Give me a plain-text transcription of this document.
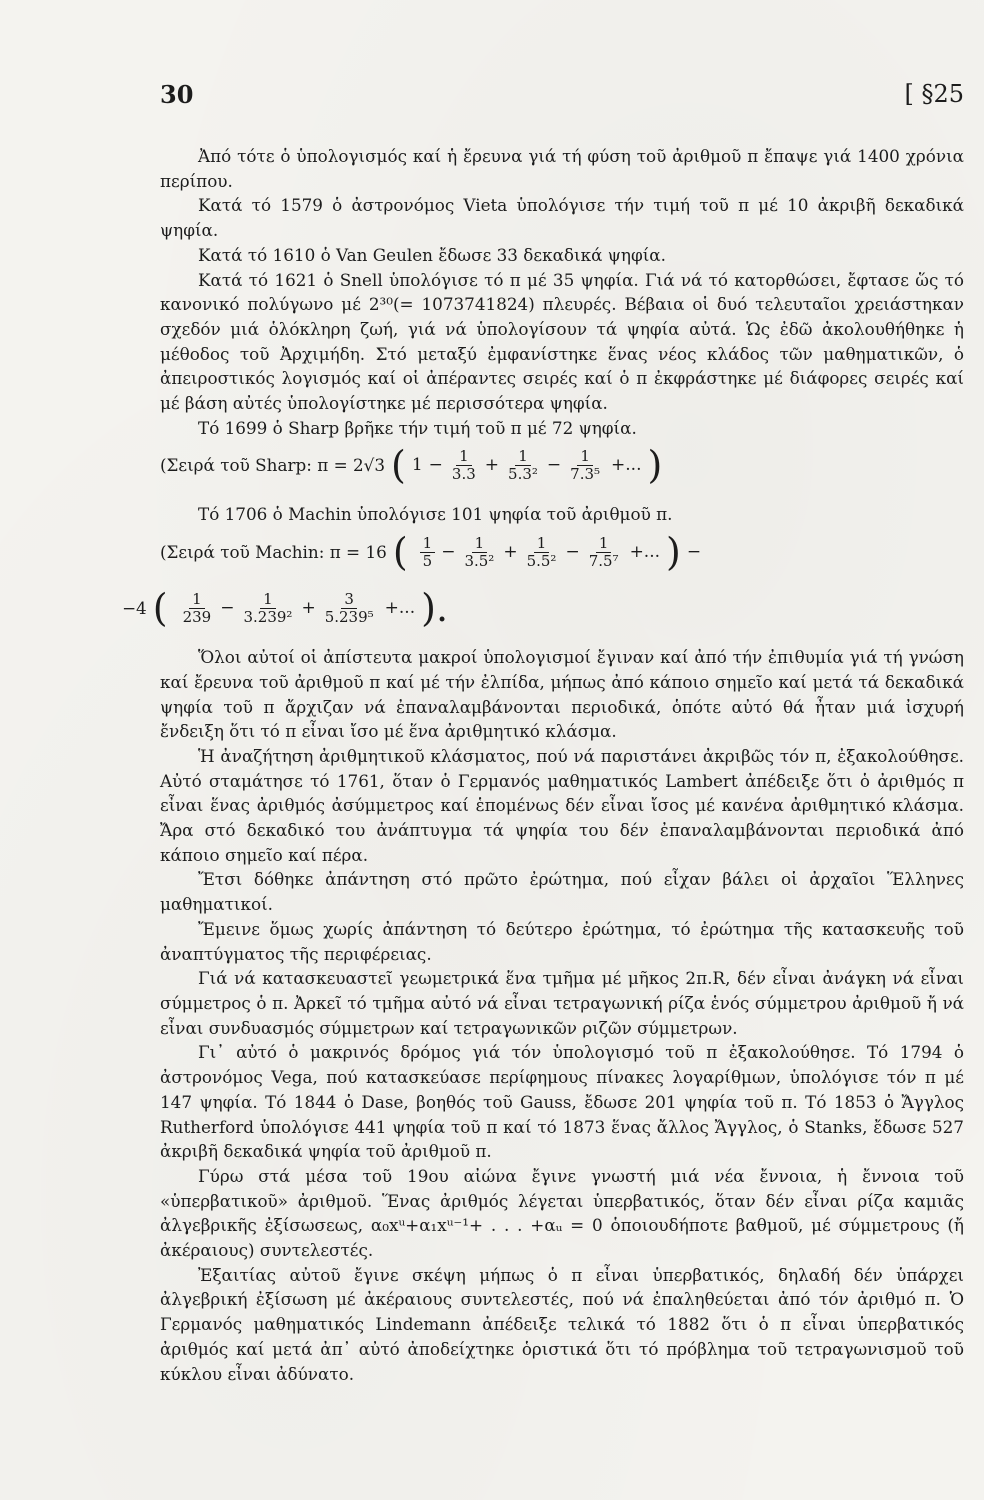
30	[ §25

Ἀπό τότε ὁ ὑπολογισμός καί ἡ ἔρευνα γιά τή φύση τοῦ ἀριθμοῦ π ἔπαψε γιά 1400 χρόνια περίπου.

Κατά τό 1579 ὁ ἀστρονόμος Vieta ὑπολόγισε τήν τιμή τοῦ π μέ 10 ἀκριβῆ δεκαδικά ψηφία.

Κατά τό 1610 ὁ Van Geulen ἔδωσε 33 δεκαδικά ψηφία.

Κατά τό 1621 ὁ Snell ὑπολόγισε τό π μέ 35 ψηφία. Γιά νά τό κατορθώσει, ἔφτασε ὥς τό κανονικό πολύγωνο μέ 2³⁰(= 1073741824) πλευρές. Βέβαια οἱ δυό τελευταῖοι χρειάστηκαν σχεδόν μιά ὁλόκληρη ζωή, γιά νά ὑπολογίσουν τά ψηφία αὐτά. Ὡς ἐδῶ ἀκολουθήθηκε ἡ μέθοδος τοῦ Ἀρχιμήδη. Στό μεταξύ ἐμφανίστηκε ἕνας νέος κλάδος τῶν μαθηματικῶν, ὁ ἀπειροστικός λογισμός καί οἱ ἀπέραντες σειρές καί ὁ π ἐκφράστηκε μέ διάφορες σειρές καί μέ βάση αὐτές ὑπολογίστηκε μέ περισσότερα ψηφία.

Τό 1699 ὁ Sharp βρῆκε τήν τιμή τοῦ π μέ 72 ψηφία.

(Σειρά τοῦ Sharp: π = 2√3 ( $1 - \frac{1}{3.3} + \frac{1}{\text{5.3²}} - \frac{1}{\text{7.3⁵}}$ +... )

Τό 1706 ὁ Machin ὑπολόγισε 101 ψηφία τοῦ ἀριθμοῦ π.

(Σειρά τοῦ Machin: π = 16 ( $\frac{1}{5} - \frac{1}{\text{3.5²}} + \frac{1}{\text{5.5²}} - \frac{1}{\text{7.5⁷}}$ +... ) −
−4 ( $\frac{1}{239} - \frac{1}{\text{3.239²}} + \frac{3}{\text{5.239⁵}}$ +... ).

Ὅλοι αὐτοί οἱ ἀπίστευτα μακροί ὑπολογισμοί ἔγιναν καί ἀπό τήν ἐπιθυμία γιά τή γνώση καί ἔρευνα τοῦ ἀριθμοῦ π καί μέ τήν ἐλπίδα, μήπως ἀπό κάποιο σημεῖο καί μετά τά δεκαδικά ψηφία τοῦ π ἄρχιζαν νά ἐπαναλαμβάνονται περιοδικά, ὁπότε αὐτό θά ἦταν μιά ἰσχυρή ἔνδειξη ὅτι τό π εἶναι ἴσο μέ ἕνα ἀριθμητικό κλάσμα.

Ἡ ἀναζήτηση ἀριθμητικοῦ κλάσματος, πού νά παριστάνει ἀκριβῶς τόν π, ἐξακολούθησε. Αὐτό σταμάτησε τό 1761, ὅταν ὁ Γερμανός μαθηματικός Lambert ἀπέδειξε ὅτι ὁ ἀριθμός π εἶναι ἕνας ἀριθμός ἀσύμμετρος καί ἑπομένως δέν εἶναι ἴσος μέ κανένα ἀριθμητικό κλάσμα. Ἄρα στό δεκαδικό του ἀνάπτυγμα τά ψηφία του δέν ἐπαναλαμβάνονται περιοδικά ἀπό κάποιο σημεῖο καί πέρα.

Ἔτσι δόθηκε ἀπάντηση στό πρῶτο ἐρώτημα, πού εἶχαν βάλει οἱ ἀρχαῖοι Ἕλληνες μαθηματικοί.

Ἔμεινε ὅμως χωρίς ἀπάντηση τό δεύτερο ἐρώτημα, τό ἐρώτημα τῆς κατασκευῆς τοῦ ἀναπτύγματος τῆς περιφέρειας.

Γιά νά κατασκευαστεῖ γεωμετρικά ἕνα τμῆμα μέ μῆκος 2π.R, δέν εἶναι ἀνάγκη νά εἶναι σύμμετρος ὁ π. Ἀρκεῖ τό τμῆμα αὐτό νά εἶναι τετραγωνική ρίζα ἑνός σύμμετρου ἀριθμοῦ ἤ νά εἶναι συνδυασμός σύμμετρων καί τετραγωνικῶν ριζῶν σύμμετρων.

Γι᾽ αὐτό ὁ μακρινός δρόμος γιά τόν ὑπολογισμό τοῦ π ἐξακολούθησε. Τό 1794 ὁ ἀστρονόμος Vega, πού κατασκεύασε περίφημους πίνακες λογαρίθμων, ὑπολόγισε τόν π μέ 147 ψηφία. Τό 1844 ὁ Dase, βοηθός τοῦ Gauss, ἔδωσε 201 ψηφία τοῦ π. Τό 1853 ὁ Ἄγγλος Rutherford ὑπολόγισε 441 ψηφία τοῦ π καί τό 1873 ἕνας ἄλλος Ἄγγλος, ὁ Stanks, ἔδωσε 527 ἀκριβῆ δεκαδικά ψηφία τοῦ ἀριθμοῦ π.

Γύρω στά μέσα τοῦ 19ου αἰώνα ἔγινε γνωστή μιά νέα ἔννοια, ἡ ἔννοια τοῦ «ὑπερβατικοῦ» ἀριθμοῦ. Ἕνας ἀριθμός λέγεται ὑπερβατικός, ὅταν δέν εἶναι ρίζα καμιᾶς ἀλγεβρικῆς ἐξίσωσεως, α₀xᵘ+α₁xᵘ⁻¹+ . . . +αᵤ = 0 ὁποιουδήποτε βαθμοῦ, μέ σύμμετρους (ἤ ἀκέραιους) συντελεστές.

Ἐξαιτίας αὐτοῦ ἔγινε σκέψη μήπως ὁ π εἶναι ὑπερβατικός, δηλαδή δέν ὑπάρχει ἀλγεβρική ἐξίσωση μέ ἀκέραιους συντελεστές, πού νά ἐπαληθεύεται ἀπό τόν ἀριθμό π. Ὁ Γερμανός μαθηματικός Lindemann ἀπέδειξε τελικά τό 1882 ὅτι ὁ π εἶναι ὑπερβατικός ἀριθμός καί μετά ἀπ᾽ αὐτό ἀποδείχτηκε ὁριστικά ὅτι τό πρόβλημα τοῦ τετραγωνισμοῦ τοῦ κύκλου εἶναι ἀδύνατο.
